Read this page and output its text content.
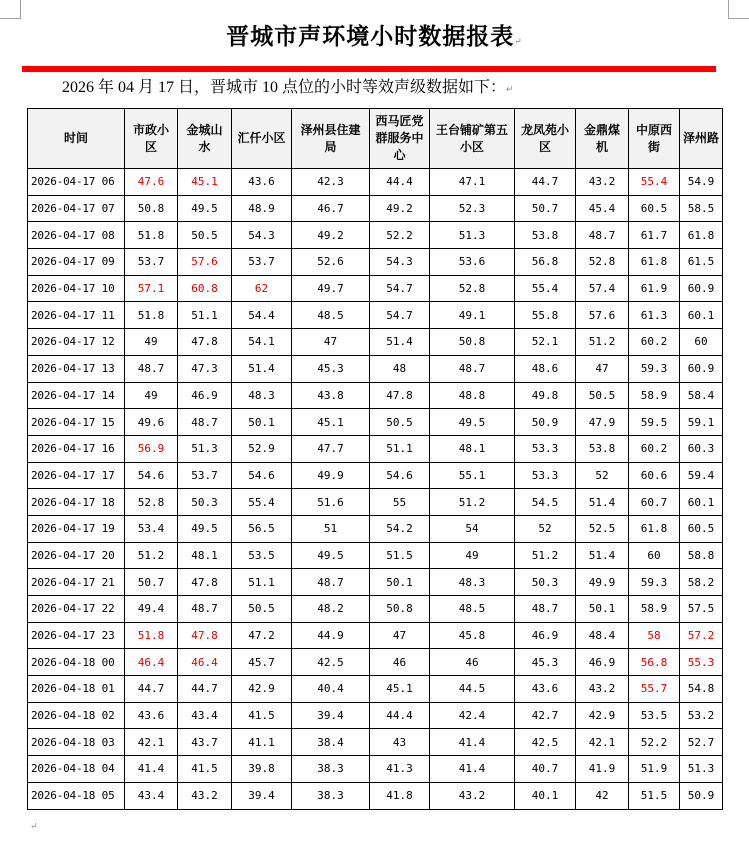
晋城市声环境小时数据报表↵
2026 年 04 月 17 日，晋城市 10 点位的小时等效声级数据如下：↵
时间	市政小区	金城山水	汇仟小区	泽州县住建局	西马匠党群服务中心	王台铺矿第五小区	龙凤苑小区	金鼎煤机	中原西街	泽州路
2026-04-17 06	47.6	45.1	43.6	42.3	44.4	47.1	44.7	43.2	55.4	54.9
2026-04-17 07	50.8	49.5	48.9	46.7	49.2	52.3	50.7	45.4	60.5	58.5
2026-04-17 08	51.8	50.5	54.3	49.2	52.2	51.3	53.8	48.7	61.7	61.8
2026-04-17 09	53.7	57.6	53.7	52.6	54.3	53.6	56.8	52.8	61.8	61.5
2026-04-17 10	57.1	60.8	62	49.7	54.7	52.8	55.4	57.4	61.9	60.9
2026-04-17 11	51.8	51.1	54.4	48.5	54.7	49.1	55.8	57.6	61.3	60.1
2026-04-17 12	49	47.8	54.1	47	51.4	50.8	52.1	51.2	60.2	60
2026-04-17 13	48.7	47.3	51.4	45.3	48	48.7	48.6	47	59.3	60.9
2026-04-17 14	49	46.9	48.3	43.8	47.8	48.8	49.8	50.5	58.9	58.4
2026-04-17 15	49.6	48.7	50.1	45.1	50.5	49.5	50.9	47.9	59.5	59.1
2026-04-17 16	56.9	51.3	52.9	47.7	51.1	48.1	53.3	53.8	60.2	60.3
2026-04-17 17	54.6	53.7	54.6	49.9	54.6	55.1	53.3	52	60.6	59.4
2026-04-17 18	52.8	50.3	55.4	51.6	55	51.2	54.5	51.4	60.7	60.1
2026-04-17 19	53.4	49.5	56.5	51	54.2	54	52	52.5	61.8	60.5
2026-04-17 20	51.2	48.1	53.5	49.5	51.5	49	51.2	51.4	60	58.8
2026-04-17 21	50.7	47.8	51.1	48.7	50.1	48.3	50.3	49.9	59.3	58.2
2026-04-17 22	49.4	48.7	50.5	48.2	50.8	48.5	48.7	50.1	58.9	57.5
2026-04-17 23	51.8	47.8	47.2	44.9	47	45.8	46.9	48.4	58	57.2
2026-04-18 00	46.4	46.4	45.7	42.5	46	46	45.3	46.9	56.8	55.3
2026-04-18 01	44.7	44.7	42.9	40.4	45.1	44.5	43.6	43.2	55.7	54.8
2026-04-18 02	43.6	43.4	41.5	39.4	44.4	42.4	42.7	42.9	53.5	53.2
2026-04-18 03	42.1	43.7	41.1	38.4	43	41.4	42.5	42.1	52.2	52.7
2026-04-18 04	41.4	41.5	39.8	38.3	41.3	41.4	40.7	41.9	51.9	51.3
2026-04-18 05	43.4	43.2	39.4	38.3	41.8	43.2	40.1	42	51.5	50.9
↵
